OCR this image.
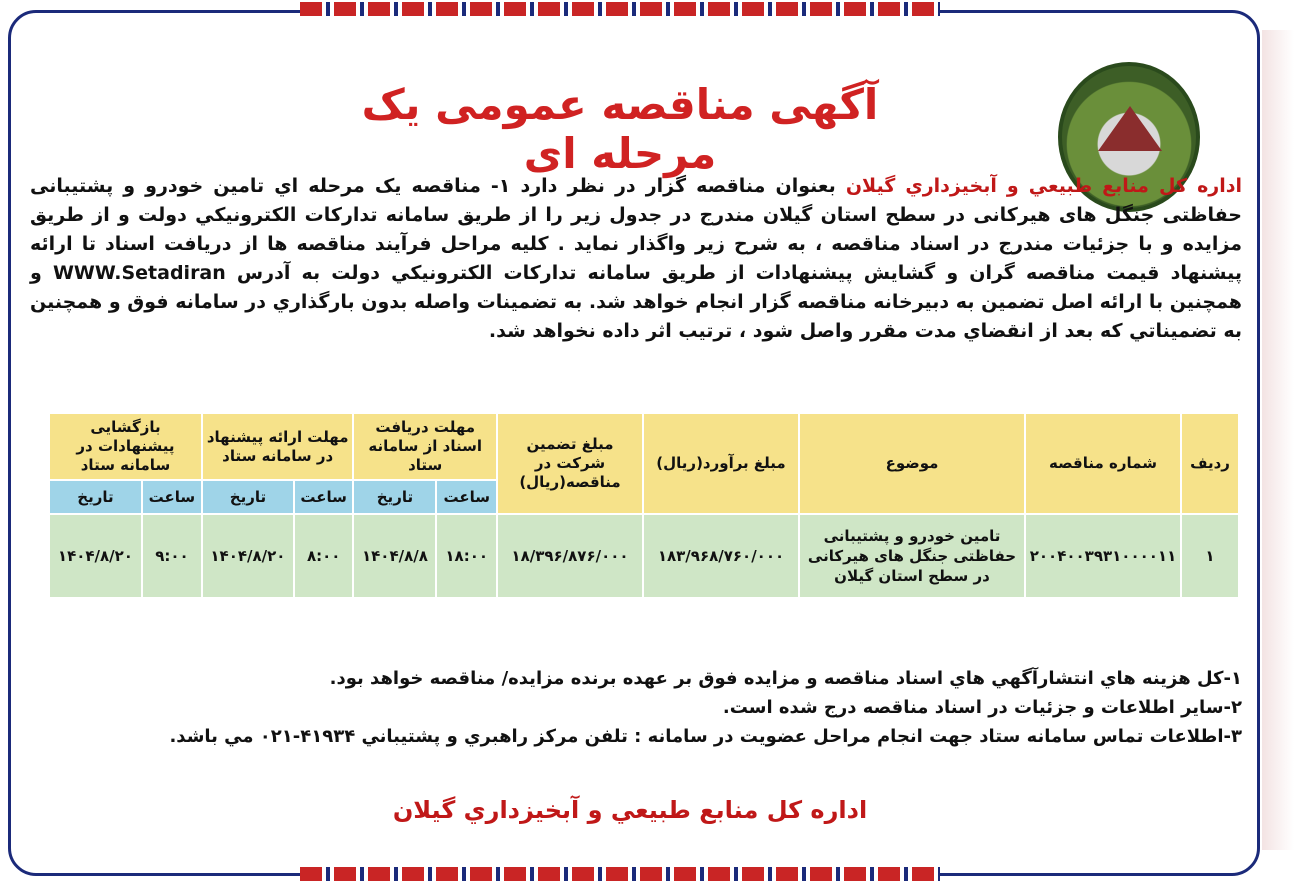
آگهی مناقصه عمومی یک مرحله ای
اداره کل منابع طبيعي و آبخيزداري گيلان بعنوان مناقصه گزار در نظر دارد ۱- مناقصه یک مرحله اي تامین خودرو و پشتیبانی حفاظتی جنگل های هیرکانی در سطح استان گیلان مندرج در جدول زیر را از طریق سامانه تدارکات الکترونيکي دولت و از طريق مزايده و با جزئيات مندرج در اسناد مناقصه ، به شرح زیر واگذار نمايد . کلیه مراحل فرآیند مناقصه ها از دریافت اسناد تا ارائه پیشنهاد قیمت مناقصه گران و گشایش پیشنهادات از طريق سامانه تدارکات الکترونيکي دولت به آدرس WWW.Setadiran و همچنین با ارائه اصل تضمین به دبیرخانه مناقصه گزار انجام خواهد شد. به تضمینات واصله بدون بارگذاري در سامانه فوق و همچنین به تضميناتي كه بعد از انقضاي مدت مقرر واصل شود ، ترتیب اثر داده نخواهد شد.
ردیف	شماره مناقصه	موضوع	مبلغ برآورد(ریال)	مبلغ تضمین شرکت در مناقصه(ریال)	مهلت دریافت اسناد از سامانه ستاد		مهلت ارائه پیشنهاد در سامانه ستاد		بازگشایی پیشنهادات در سامانه ستاد	
					ساعت	تاریخ	ساعت	تاریخ	ساعت	تاریخ
۱	۲۰۰۴۰۰۳۹۳۱۰۰۰۰۱۱	تامین خودرو و پشتیبانی حفاظتی جنگل های هیرکانی در سطح استان گیلان	۱۸۳/۹۶۸/۷۶۰/۰۰۰	۱۸/۳۹۶/۸۷۶/۰۰۰	۱۸:۰۰	۱۴۰۴/۸/۸	۸:۰۰	۱۴۰۴/۸/۲۰	۹:۰۰	۱۴۰۴/۸/۲۰
۱-کل هزينه هاي انتشارآگهي هاي اسناد مناقصه و مزايده فوق بر عهده برنده مزايده/ مناقصه خواهد بود.
۲-سایر اطلاعات و جزئیات در اسناد مناقصه درج شده است.
۳-اطلاعات تماس سامانه ستاد جهت انجام مراحل عضویت در سامانه : تلفن مرکز راهبري و پشتيباني ۴۱۹۳۴-۰۲۱ مي باشد.
اداره کل منابع طبيعي و آبخيزداري گيلان
